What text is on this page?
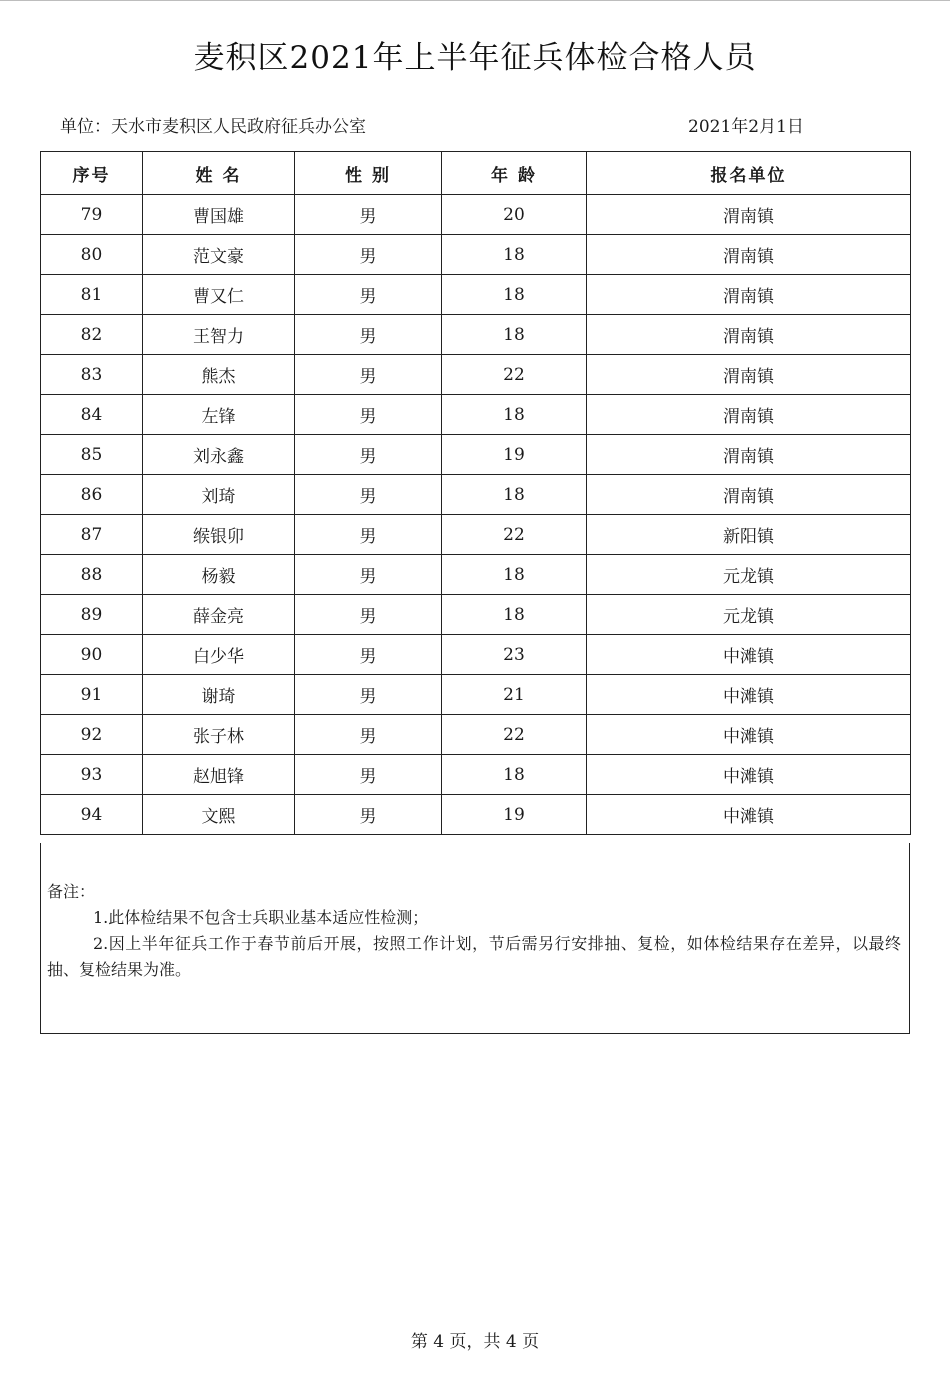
麦积区2021年上半年征兵体检合格人员
单位：天水市麦积区人民政府征兵办公室	2021年2月1日
序号	姓 名	性 别	年 龄	报名单位
79	曹国雄	男	20	渭南镇
80	范文豪	男	18	渭南镇
81	曹又仁	男	18	渭南镇
82	王智力	男	18	渭南镇
83	熊杰	男	22	渭南镇
84	左锋	男	18	渭南镇
85	刘永鑫	男	19	渭南镇
86	刘琦	男	18	渭南镇
87	缑银卯	男	22	新阳镇
88	杨毅	男	18	元龙镇
89	薛金亮	男	18	元龙镇
90	白少华	男	23	中滩镇
91	谢琦	男	21	中滩镇
92	张子林	男	22	中滩镇
93	赵旭锋	男	18	中滩镇
94	文熙	男	19	中滩镇
备注：
1.此体检结果不包含士兵职业基本适应性检测；
2.因上半年征兵工作于春节前后开展，按照工作计划，节后需另行安排抽、复检，如体检结果存在差异，以最终抽、复检结果为准。
第 4 页，共 4 页
